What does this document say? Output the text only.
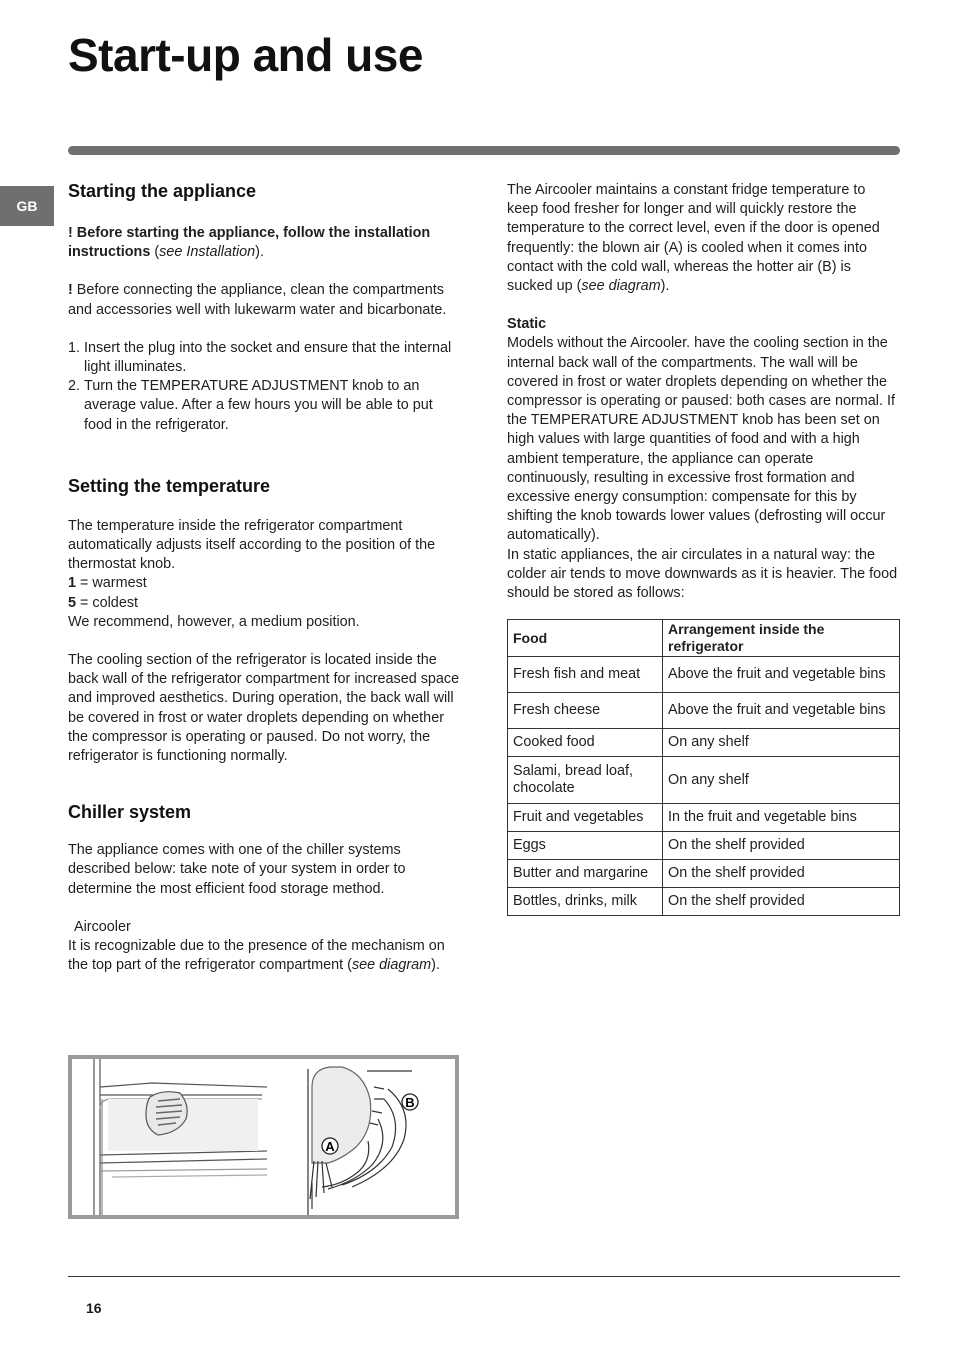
Start-up and use
GB
Starting the appliance

! Before starting the appliance, follow the installation instructions (see Installation).

! Before connecting the appliance, clean the compartments and accessories well with lukewarm water and bicarbonate.

1. Insert the plug into the socket and ensure that the internal light illuminates.
2. Turn the TEMPERATURE ADJUSTMENT knob to an average value. After a few hours you will be able to put food in the refrigerator.
Setting the temperature

The temperature inside the refrigerator compartment automatically adjusts itself according to the position of the thermostat knob.

1 = warmest

5 = coldest

We recommend, however, a medium position.

The cooling section of the refrigerator is located inside the back wall of the refrigerator compartment for increased space and improved aesthetics. During operation, the back wall will be covered in frost or water droplets depending on whether the compressor is operating or paused. Do not worry, the refrigerator is functioning normally.

Chiller system

The appliance comes with one of the chiller systems described below: take note of your system in order to determine the most efficient food storage method.

Aircooler

It is recognizable due to the presence of the mechanism on the top part of the refrigerator compartment (see diagram).

A
B

The Aircooler maintains a constant fridge temperature to keep food fresher for longer and will quickly restore the temperature to the correct level, even if the door is opened frequently: the blown air (A) is cooled when it comes into contact with the cold wall, whereas the hotter air (B) is sucked up (see diagram).

Static

Models without the Aircooler. have the cooling section in the internal back wall of the compartments. The wall will be covered in frost or water droplets depending on whether the compressor is operating or paused: both cases are normal. If the TEMPERATURE ADJUSTMENT knob has been set on high values with large quantities of food and with a high ambient temperature, the appliance can operate continuously, resulting in excessive frost formation and excessive energy consumption: compensate for this by shifting the knob towards lower values (defrosting will occur automatically).

In static appliances, the air circulates in a natural way: the colder air tends to move downwards as it is heavier. The food should be stored as follows:

Food	Arrangement inside the refrigerator
Fresh fish and meat	Above the fruit and vegetable bins
Fresh cheese	Above the fruit and vegetable bins
Cooked food	On any shelf
Salami, bread loaf, chocolate	On any shelf
Fruit and vegetables	In the fruit and vegetable bins
Eggs	On the shelf provided
Butter and margarine	On the shelf provided
Bottles, drinks, milk	On the shelf provided
16
